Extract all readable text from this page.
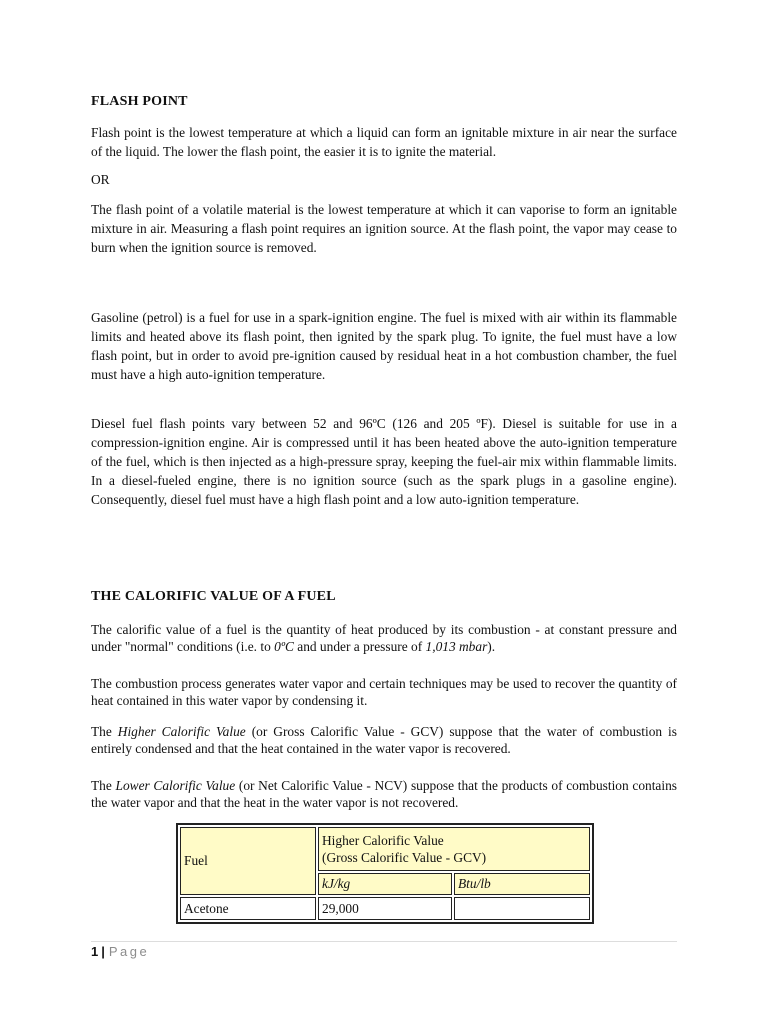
FLASH POINT

Flash point is the lowest temperature at which a liquid can form an ignitable mixture in air near the surface of the liquid. The lower the flash point, the easier it is to ignite the material.

OR

The flash point of a volatile material is the lowest temperature at which it can vaporise to form an ignitable mixture in air. Measuring a flash point requires an ignition source. At the flash point, the vapor may cease to burn when the ignition source is removed.

Gasoline (petrol) is a fuel for use in a spark-ignition engine. The fuel is mixed with air within its flammable limits and heated above its flash point, then ignited by the spark plug. To ignite, the fuel must have a low flash point, but in order to avoid pre-ignition caused by residual heat in a hot combustion chamber, the fuel must have a high auto-ignition temperature.

Diesel fuel flash points vary between 52 and 96ºC (126 and 205 ºF). Diesel is suitable for use in a compression-ignition engine. Air is compressed until it has been heated above the auto-ignition temperature of the fuel, which is then injected as a high-pressure spray, keeping the fuel-air mix within flammable limits. In a diesel-fueled engine, there is no ignition source (such as the spark plugs in a gasoline engine). Consequently, diesel fuel must have a high flash point and a low auto-ignition temperature.

THE CALORIFIC VALUE OF A FUEL

The calorific value of a fuel is the quantity of heat produced by its combustion - at constant pressure and under "normal" conditions (i.e. to 0ºC and under a pressure of 1,013 mbar).

The combustion process generates water vapor and certain techniques may be used to recover the quantity of heat contained in this water vapor by condensing it.

The Higher Calorific Value (or Gross Calorific Value - GCV) suppose that the water of combustion is entirely condensed and that the heat contained in the water vapor is recovered.

The Lower Calorific Value (or Net Calorific Value - NCV) suppose that the products of combustion contains the water vapor and that the heat in the water vapor is not recovered.

Fuel	Higher Calorific Value
(Gross Calorific Value - GCV)	
	kJ/kg	Btu/lb
Acetone	29,000	
1 | Page
